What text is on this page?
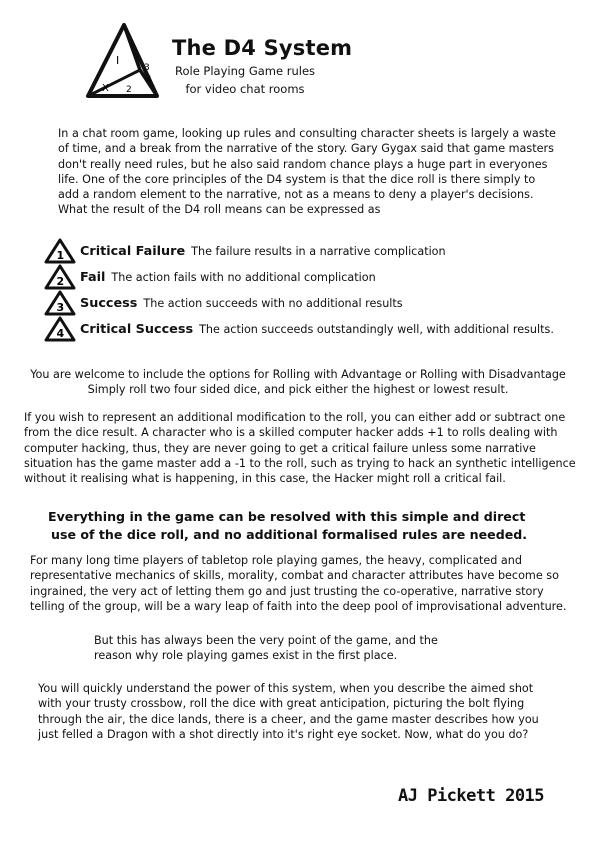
I
3
4
X 2
The D4 System
Role Playing Game rules
for video chat rooms
In a chat room game, looking up rules and consulting character sheets is largely a waste
of time, and a break from the narrative of the story. Gary Gygax said that game masters
don't really need rules, but he also said random chance plays a huge part in everyones
life. One of the core principles of the D4 system is that the dice roll is there simply to
add a random element to the narrative, not as a means to deny a player's decisions.
What the result of the D4 roll means can be expressed as
1 Critical Failure The failure results in a narrative complication
2 Fail The action fails with no additional complication
3 Success The action succeeds with no additional results
4 Critical Success The action succeeds outstandingly well, with additional results.
You are welcome to include the options for Rolling with Advantage or Rolling with Disadvantage
Simply roll two four sided dice, and pick either the highest or lowest result.
If you wish to represent an additional modification to the roll, you can either add or subtract one
from the dice result. A character who is a skilled computer hacker adds +1 to rolls dealing with
computer hacking, thus, they are never going to get a critical failure unless some narrative
situation has the game master add a -1 to the roll, such as trying to hack an synthetic intelligence
without it realising what is happening, in this case, the Hacker might roll a critical fail.
Everything in the game can be resolved with this simple and direct
use of the dice roll, and no additional formalised rules are needed.
For many long time players of tabletop role playing games, the heavy, complicated and
representative mechanics of skills, morality, combat and character attributes have become so
ingrained, the very act of letting them go and just trusting the co-operative, narrative story
telling of the group, will be a wary leap of faith into the deep pool of improvisational adventure.
But this has always been the very point of the game, and the
reason why role playing games exist in the first place.
You will quickly understand the power of this system, when you describe the aimed shot
with your trusty crossbow, roll the dice with great anticipation, picturing the bolt flying
through the air, the dice lands, there is a cheer, and the game master describes how you
just felled a Dragon with a shot directly into it's right eye socket. Now, what do you do?
AJ Pickett 2015
